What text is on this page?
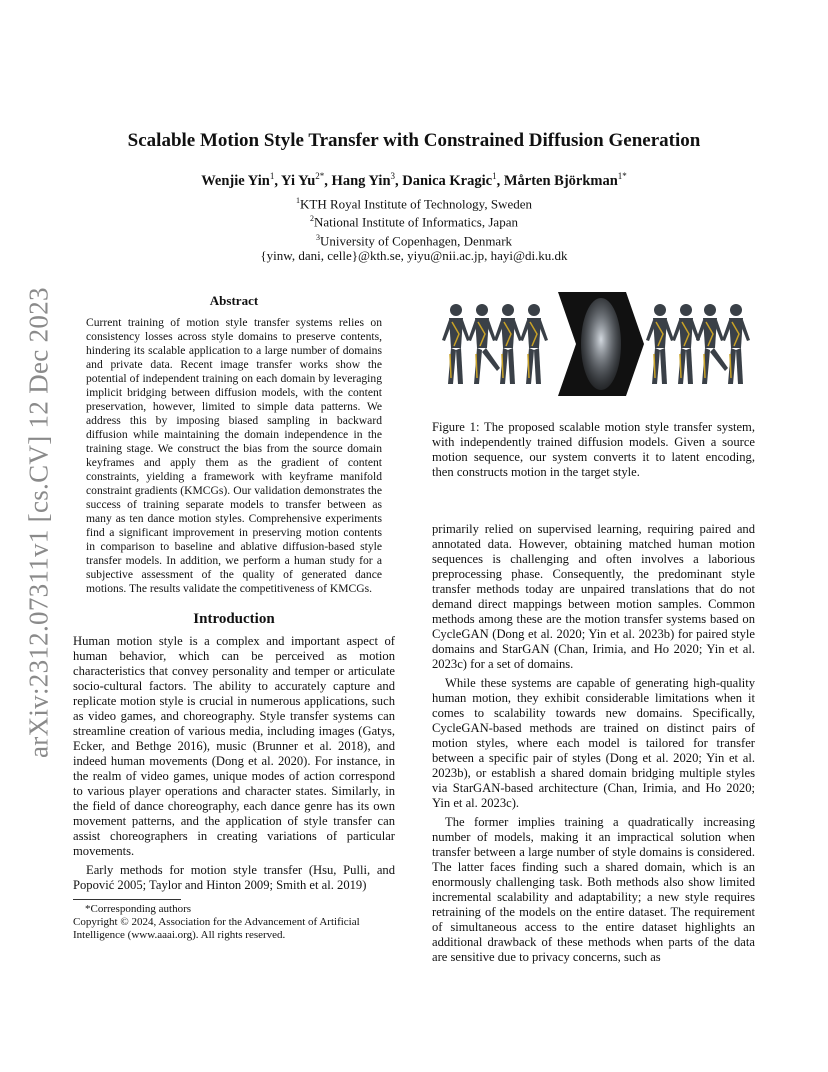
arXiv:2312.07311v1 [cs.CV] 12 Dec 2023
Scalable Motion Style Transfer with Constrained Diffusion Generation
Wenjie Yin$^1$, Yi $Yu^{2*}$, Hang Yin$^3$, Danica Kragic$^1$, Mårten Björkman$^{1*}$
$^1$KTH Royal Institute of Technology, Sweden
$^2$National Institute of Informatics, Japan
$^3$University of Copenhagen, Denmark
{yinw, dani, celle}@kth.se, yiyu@nii.ac.jp, hayi@di.ku.dk
Abstract

Current training of motion style transfer systems relies on consistency losses across style domains to preserve contents, hindering its scalable application to a large number of domains and private data. Recent image transfer works show the potential of independent training on each domain by leveraging implicit bridging between diffusion models, with the content preservation, however, limited to simple data patterns. We address this by imposing biased sampling in backward diffusion while maintaining the domain independence in the training stage. We construct the bias from the source domain keyframes and apply them as the gradient of content constraints, yielding a framework with keyframe manifold constraint gradients (KMCGs). Our validation demonstrates the success of training separate models to transfer between as many as ten dance motion styles. Comprehensive experiments find a significant improvement in preserving motion contents in comparison to baseline and ablative diffusion-based style transfer models. In addition, we perform a human study for a subjective assessment of the quality of generated dance motions. The results validate the competitiveness of KMCGs.

Introduction

Human motion style is a complex and important aspect of human behavior, which can be perceived as motion characteristics that convey personality and temper or articulate socio-cultural factors. The ability to accurately capture and replicate motion style is crucial in numerous applications, such as video games, and choreography. Style transfer systems can streamline creation of various media, including images (Gatys, Ecker, and Bethge 2016), music (Brunner et al. 2018), and indeed human movements (Dong et al. 2020). For instance, in the realm of video games, unique modes of action correspond to various player operations and character states. Similarly, in the field of dance choreography, each dance genre has its own movement patterns, and the application of style transfer can assist choreographers in creating variations of particular movements.

Early methods for motion style transfer (Hsu, Pulli, and Popović 2005; Taylor and Hinton 2009; Smith et al. 2019)

*Corresponding authors

Copyright © 2024, Association for the Advancement of Artificial Intelligence (www.aaai.org). All rights reserved.

Figure 1: The proposed scalable motion style transfer system, with independently trained diffusion models. Given a source motion sequence, our system converts it to latent encoding, then constructs motion in the target style.

primarily relied on supervised learning, requiring paired and annotated data. However, obtaining matched human motion sequences is challenging and often involves a laborious preprocessing phase. Consequently, the predominant style transfer methods today are unpaired translations that do not demand direct mappings between motion samples. Common methods among these are the motion transfer systems based on CycleGAN (Dong et al. 2020; Yin et al. 2023b) for paired style domains and StarGAN (Chan, Irimia, and Ho 2020; Yin et al. 2023c) for a set of domains.

While these systems are capable of generating high-quality human motion, they exhibit considerable limitations when it comes to scalability towards new domains. Specifically, CycleGAN-based methods are trained on distinct pairs of motion styles, where each model is tailored for transfer between a specific pair of styles (Dong et al. 2020; Yin et al. 2023b), or establish a shared domain bridging multiple styles via StarGAN-based architecture (Chan, Irimia, and Ho 2020; Yin et al. 2023c).

The former implies training a quadratically increasing number of models, making it an impractical solution when transfer between a large number of style domains is considered. The latter faces finding such a shared domain, which is an enormously challenging task. Both methods also show limited incremental scalability and adaptability; a new style requires retraining of the models on the entire dataset. The requirement of simultaneous access to the entire dataset highlights an additional drawback of these methods when parts of the data are sensitive due to privacy concerns, such as
